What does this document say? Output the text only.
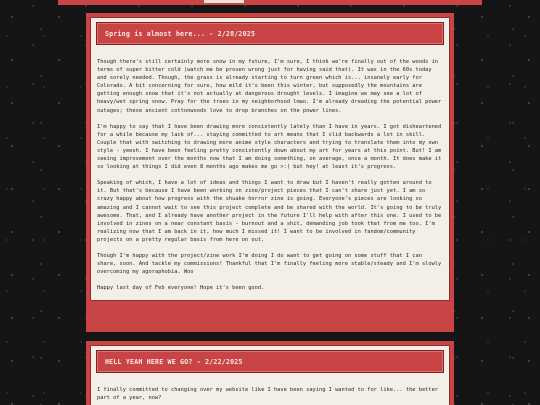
Spring is almost here... - 2/28/2025

Though there's still certainly more snow in my future, I'm sure, I think we're finally out of the woods in terms of super bitter cold (watch me be proven wrong just for having said that). It was in the 60s today and sorely needed. Though, the grass is already starting to turn green which is... insanely early for Colorado. A bit concerning for sure, how mild it's been this winter, but supposedly the mountains are getting enough snow that it's not actually at dangerous drought levels. I imagine we may see a lot of heavy/wet spring snow. Pray for the trees in my neighborhood lmao. I'm already dreading the potential power outages; these ancient cottonwoods love to drop branches on the power lines.

I'm happy to say that I have been drawing more consistently lately than I have in years. I got disheartened for a while because my lack of... staying committed to art means that I slid backwards a lot in skill. Couple that with switching to drawing more anime style characters and trying to translate them into my own style - yeesh. I have been feeling pretty consistently down about my art for years at this point. But! I am seeing improvement over the months now that I am doing something, on average, once a month. It does make it so looking at things I did even 8 months ago makes me go >:( but hey! at least it's progress.

Speaking of which, I have a lot of ideas and things I want to draw but I haven't really gotten around to it. But that's because I have been working on zine/project pieces that I can't share just yet. I am so crazy happy about how progress with the shuake horror zine is going. Everyone's pieces are looking so amazing and I cannot wait to see this project complete and be shared with the world. It's going to be truly awesome. That, and I already have another project in the future I'll help with after this one. I used to be involved in zines on a near constant basis - burnout and a shit, demanding job took that from me too. I'm realizing now that I am back in it, how much I missed it! I want to be involved in fandom/community projects on a pretty regular basis from here on out.

Though I'm happy with the project/zine work I'm doing I do want to get going on some stuff that I can share, soon. And tackle my commissions! Thankful that I'm finally feeling more stable/steady and I'm slowly overcoming my agoraphobia. Woo

Happy last day of Feb everyone! Hope it's been good.

HELL YEAH HERE WE GO? - 2/22/2025

I finally committed to changing over my website like I have been saying I wanted to for like... the better part of a year, now?
